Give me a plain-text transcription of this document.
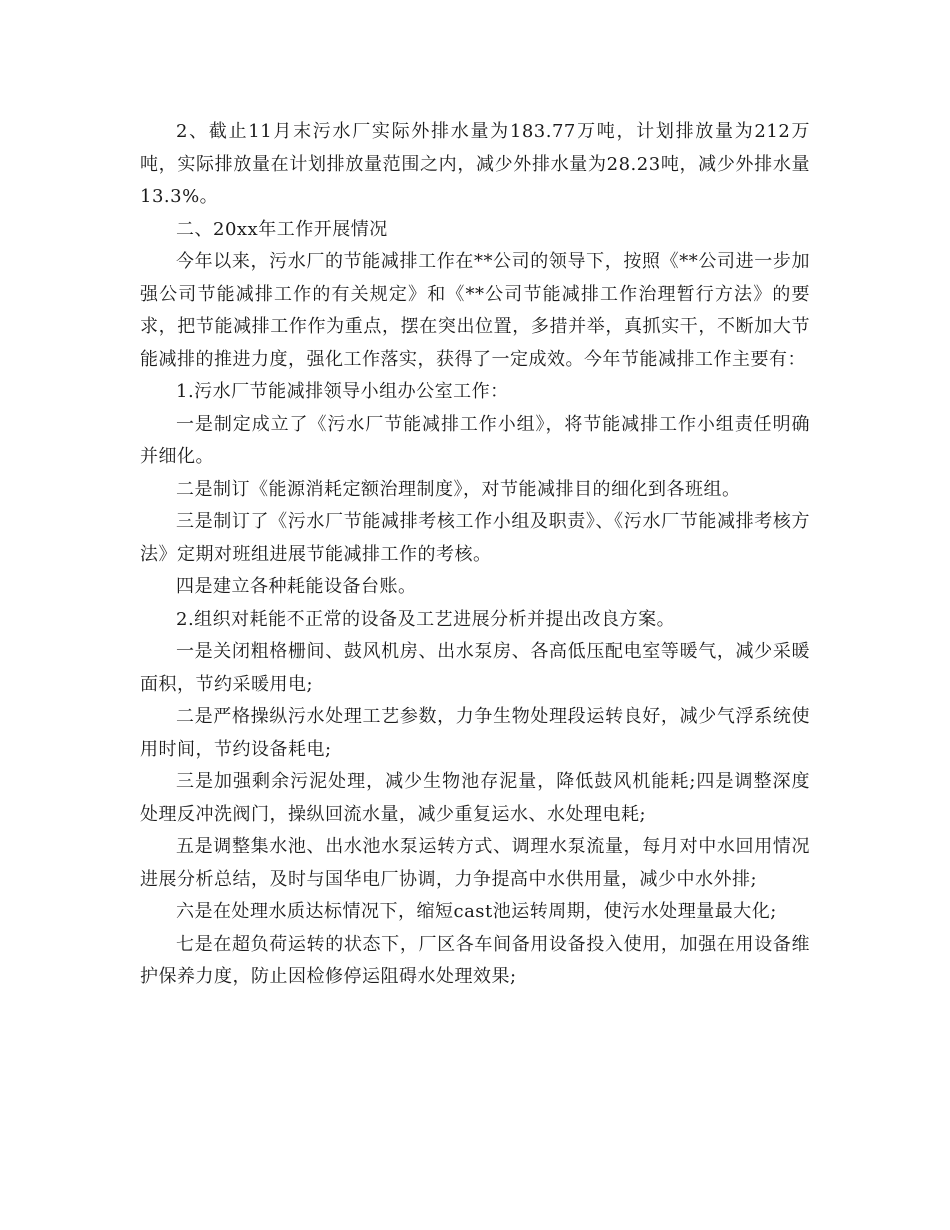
2、截止11月末污水厂实际外排水量为183.77万吨，计划排放量为212万吨，实际排放量在计划排放量范围之内，减少外排水量为28.23吨，减少外排水量13.3%。

二、20xx年工作开展情况

今年以来，污水厂的节能减排工作在**公司的领导下，按照《**公司进一步加强公司节能减排工作的有关规定》和《**公司节能减排工作治理暂行方法》的要求，把节能减排工作作为重点，摆在突出位置，多措并举，真抓实干，不断加大节能减排的推进力度，强化工作落实，获得了一定成效。今年节能减排工作主要有：

1.污水厂节能减排领导小组办公室工作：

一是制定成立了《污水厂节能减排工作小组》，将节能减排工作小组责任明确并细化。

二是制订《能源消耗定额治理制度》，对节能减排目的细化到各班组。

三是制订了《污水厂节能减排考核工作小组及职责》、《污水厂节能减排考核方法》定期对班组进展节能减排工作的考核。

四是建立各种耗能设备台账。

2.组织对耗能不正常的设备及工艺进展分析并提出改良方案。

一是关闭粗格栅间、鼓风机房、出水泵房、各高低压配电室等暖气，减少采暖面积，节约采暖用电;

二是严格操纵污水处理工艺参数，力争生物处理段运转良好，减少气浮系统使用时间，节约设备耗电;

三是加强剩余污泥处理，减少生物池存泥量，降低鼓风机能耗;四是调整深度处理反冲洗阀门，操纵回流水量，减少重复运水、水处理电耗;

五是调整集水池、出水池水泵运转方式、调理水泵流量，每月对中水回用情况进展分析总结，及时与国华电厂协调，力争提高中水供用量，减少中水外排;

六是在处理水质达标情况下，缩短cast池运转周期，使污水处理量最大化;

七是在超负荷运转的状态下，厂区各车间备用设备投入使用，加强在用设备维护保养力度，防止因检修停运阻碍水处理效果;
